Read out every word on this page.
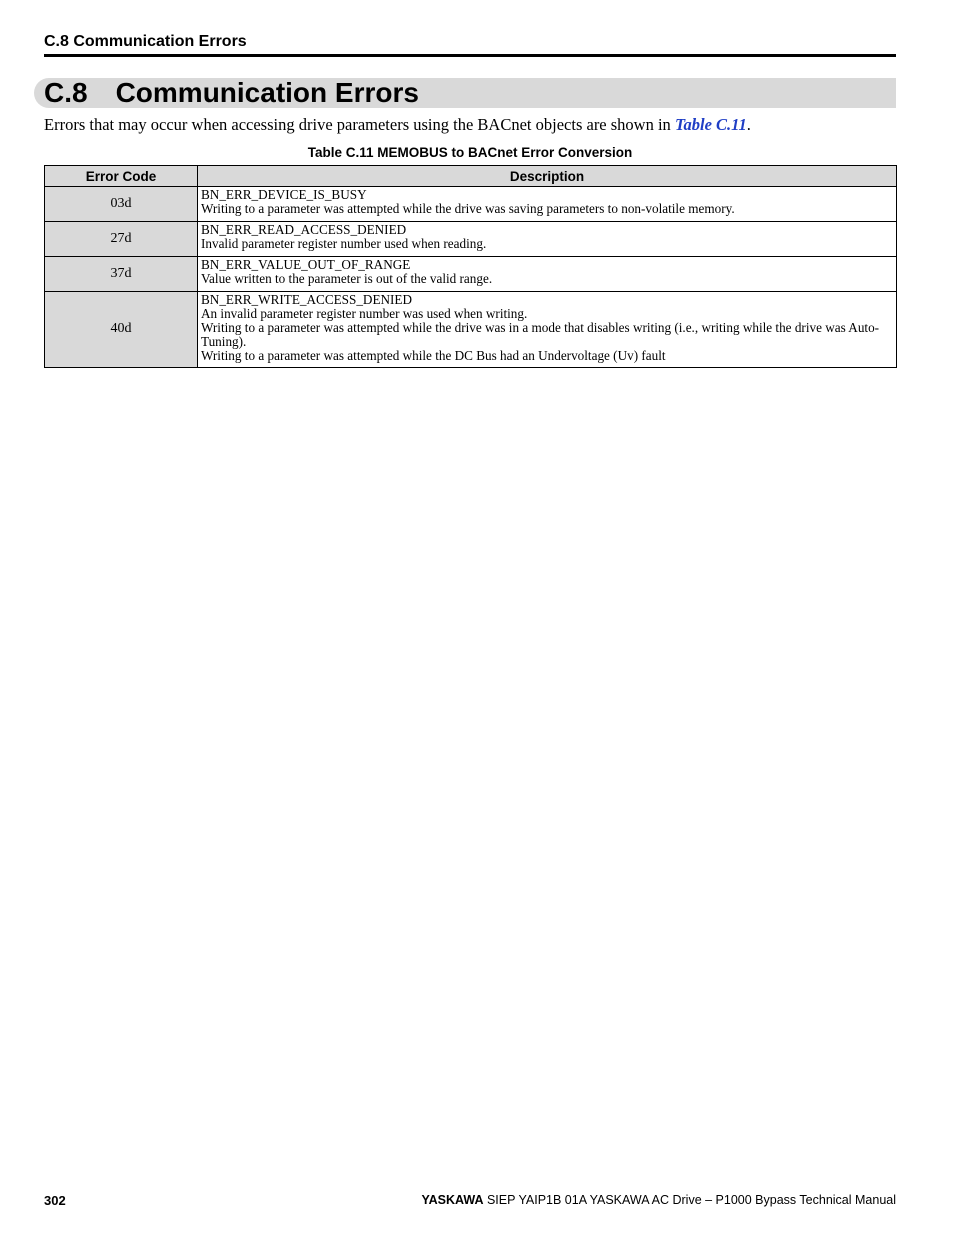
C.8 Communication Errors
C.8 Communication Errors

Errors that may occur when accessing drive parameters using the BACnet objects are shown in Table C.11.

Table C.11 MEMOBUS to BACnet Error Conversion
Error Code	Description
03d	BN_ERR_DEVICE_IS_BUSY
Writing to a parameter was attempted while the drive was saving parameters to non-volatile memory.

27d	BN_ERR_READ_ACCESS_DENIED
Invalid parameter register number used when reading.

37d	BN_ERR_VALUE_OUT_OF_RANGE
Value written to the parameter is out of the valid range.

40d	BN_ERR_WRITE_ACCESS_DENIED
An invalid parameter register number was used when writing.
Writing to a parameter was attempted while the drive was in a mode that disables writing (i.e., writing while the drive was Auto-Tuning).
Writing to a parameter was attempted while the DC Bus had an Undervoltage (Uv) fault
302	YASKAWA SIEP YAIP1B 01A YASKAWA AC Drive – P1000 Bypass Technical Manual
